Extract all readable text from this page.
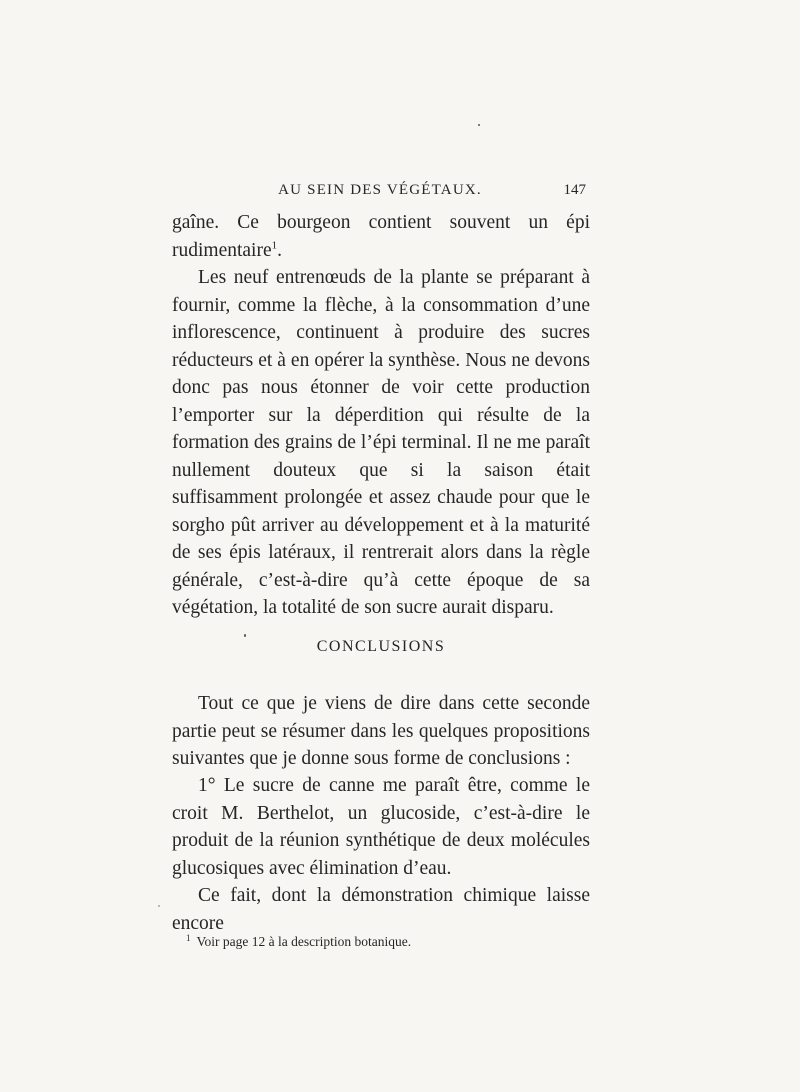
AU SEIN DES VÉGÉTAUX.	147
gaîne. Ce bourgeon contient souvent un épi rudimentaire$^1$.
Les neuf entrenœuds de la plante se préparant à fournir, comme la flèche, à la consommation d’une inflorescence, continuent à produire des sucres réducteurs et à en opérer la synthèse. Nous ne devons donc pas nous étonner de voir cette production l’emporter sur la déperdition qui résulte de la formation des grains de l’épi terminal. Il ne me paraît nullement douteux que si la saison était suffisamment prolongée et assez chaude pour que le sorgho pût arriver au développement et à la maturité de ses épis latéraux, il rentrerait alors dans la règle générale, c’est-à-dire qu’à cette époque de sa végétation, la totalité de son sucre aurait disparu.
CONCLUSIONS
Tout ce que je viens de dire dans cette seconde partie peut se résumer dans les quelques propositions suivantes que je donne sous forme de conclusions :
1° Le sucre de canne me paraît être, comme le croit M. Berthelot, un glucoside, c’est-à-dire le produit de la réunion synthétique de deux molécules glucosiques avec élimination d’eau.
Ce fait, dont la démonstration chimique laisse encore
$^1$ Voir page 12 à la description botanique.
